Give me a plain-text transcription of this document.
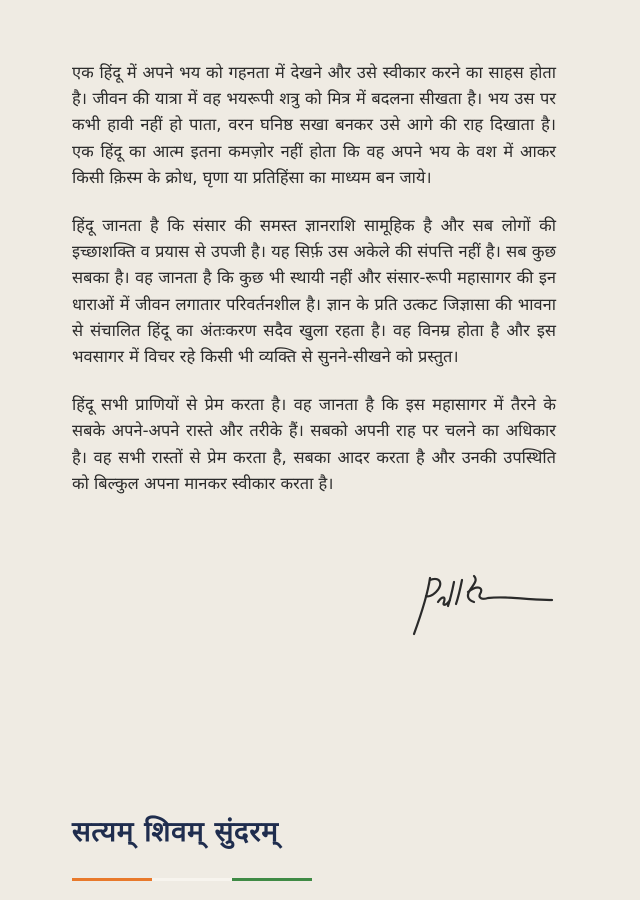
एक हिंदू में अपने भय को गहनता में देखने और उसे स्वीकार करने का साहस होता है। जीवन की यात्रा में वह भयरूपी शत्रु को मित्र में बदलना सीखता है। भय उस पर कभी हावी नहीं हो पाता, वरन घनिष्ठ सखा बनकर उसे आगे की राह दिखाता है। एक हिंदू का आत्म इतना कमज़ोर नहीं होता कि वह अपने भय के वश में आकर किसी क़िस्म के क्रोध, घृणा या प्रतिहिंसा का माध्यम बन जाये।

हिंदू जानता है कि संसार की समस्त ज्ञानराशि सामूहिक है और सब लोगों की इच्छाशक्ति व प्रयास से उपजी है। यह सिर्फ़ उस अकेले की संपत्ति नहीं है। सब कुछ सबका है। वह जानता है कि कुछ भी स्थायी नहीं और संसार-रूपी महासागर की इन धाराओं में जीवन लगातार परिवर्तनशील है। ज्ञान के प्रति उत्कट जिज्ञासा की भावना से संचालित हिंदू का अंतःकरण सदैव खुला रहता है। वह विनम्र होता है और इस भवसागर में विचर रहे किसी भी व्यक्ति से सुनने-सीखने को प्रस्तुत।

हिंदू सभी प्राणियों से प्रेम करता है। वह जानता है कि इस महासागर में तैरने के सबके अपने-अपने रास्ते और तरीके हैं। सबको अपनी राह पर चलने का अधिकार है। वह सभी रास्तों से प्रेम करता है, सबका आदर करता है और उनकी उपस्थिति को बिल्कुल अपना मानकर स्वीकार करता है।

सत्यम् शिवम् सुंदरम्
